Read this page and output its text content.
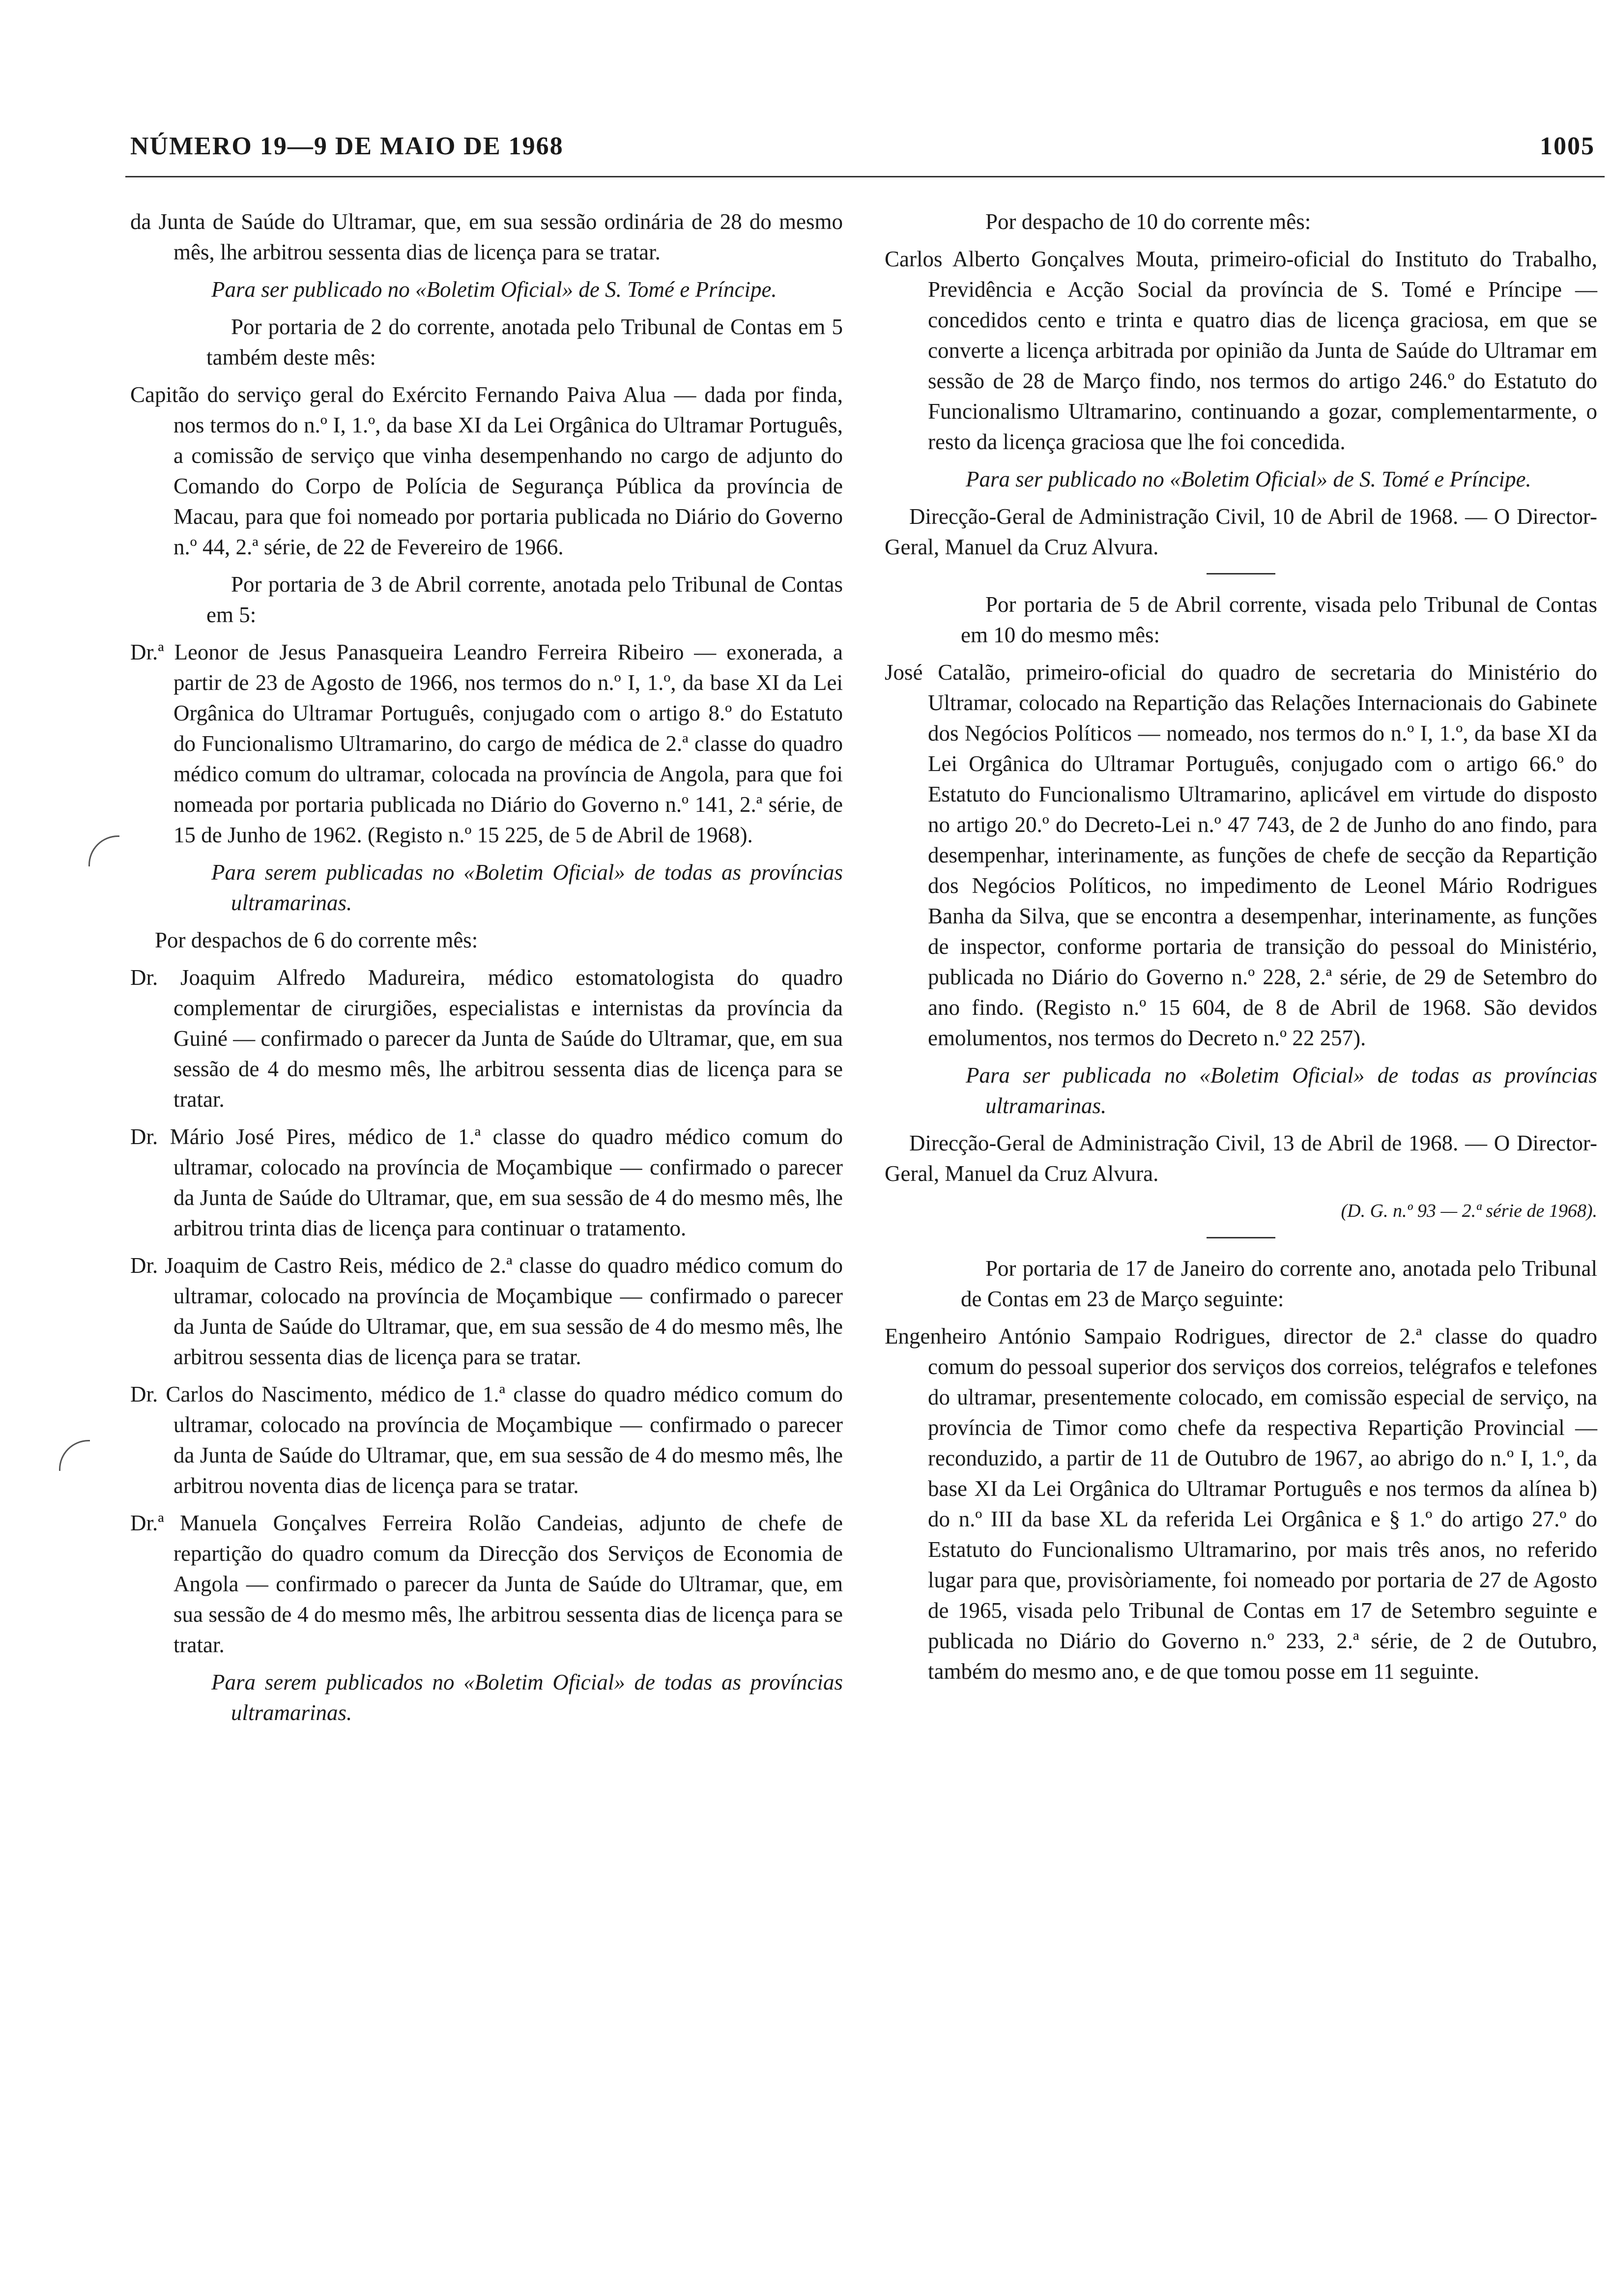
NÚMERO 19—9 DE MAIO DE 1968	1005

da Junta de Saúde do Ultramar, que, em sua sessão ordinária de 28 do mesmo mês, lhe arbitrou sessenta dias de licença para se tratar.

Para ser publicado no «Boletim Oficial» de S. Tomé e Príncipe.

Por portaria de 2 do corrente, anotada pelo Tribunal de Contas em 5 também deste mês:

Capitão do serviço geral do Exército Fernando Paiva Alua — dada por finda, nos termos do n.º I, 1.º, da base XI da Lei Orgânica do Ultramar Português, a comissão de serviço que vinha desempenhando no cargo de adjunto do Comando do Corpo de Polícia de Segurança Pública da província de Macau, para que foi nomeado por portaria publicada no Diário do Governo n.º 44, 2.ª série, de 22 de Fevereiro de 1966.

Por portaria de 3 de Abril corrente, anotada pelo Tribunal de Contas em 5:

Dr.ª Leonor de Jesus Panasqueira Leandro Ferreira Ribeiro — exonerada, a partir de 23 de Agosto de 1966, nos termos do n.º I, 1.º, da base XI da Lei Orgânica do Ultramar Português, conjugado com o artigo 8.º do Estatuto do Funcionalismo Ultramarino, do cargo de médica de 2.ª classe do quadro médico comum do ultramar, colocada na província de Angola, para que foi nomeada por portaria publicada no Diário do Governo n.º 141, 2.ª série, de 15 de Junho de 1962. (Registo n.º 15 225, de 5 de Abril de 1968).

Para serem publicadas no «Boletim Oficial» de todas as províncias ultramarinas.

Por despachos de 6 do corrente mês:

Dr. Joaquim Alfredo Madureira, médico estomatologista do quadro complementar de cirurgiões, especialistas e internistas da província da Guiné — confirmado o parecer da Junta de Saúde do Ultramar, que, em sua sessão de 4 do mesmo mês, lhe arbitrou sessenta dias de licença para se tratar.

Dr. Mário José Pires, médico de 1.ª classe do quadro médico comum do ultramar, colocado na província de Moçambique — confirmado o parecer da Junta de Saúde do Ultramar, que, em sua sessão de 4 do mesmo mês, lhe arbitrou trinta dias de licença para continuar o tratamento.

Dr. Joaquim de Castro Reis, médico de 2.ª classe do quadro médico comum do ultramar, colocado na província de Moçambique — confirmado o parecer da Junta de Saúde do Ultramar, que, em sua sessão de 4 do mesmo mês, lhe arbitrou sessenta dias de licença para se tratar.

Dr. Carlos do Nascimento, médico de 1.ª classe do quadro médico comum do ultramar, colocado na província de Moçambique — confirmado o parecer da Junta de Saúde do Ultramar, que, em sua sessão de 4 do mesmo mês, lhe arbitrou noventa dias de licença para se tratar.

Dr.ª Manuela Gonçalves Ferreira Rolão Candeias, adjunto de chefe de repartição do quadro comum da Direcção dos Serviços de Economia de Angola — confirmado o parecer da Junta de Saúde do Ultramar, que, em sua sessão de 4 do mesmo mês, lhe arbitrou sessenta dias de licença para se tratar.

Para serem publicados no «Boletim Oficial» de todas as províncias ultramarinas.

Por despacho de 10 do corrente mês:

Carlos Alberto Gonçalves Mouta, primeiro-oficial do Instituto do Trabalho, Previdência e Acção Social da província de S. Tomé e Príncipe — concedidos cento e trinta e quatro dias de licença graciosa, em que se converte a licença arbitrada por opinião da Junta de Saúde do Ultramar em sessão de 28 de Março findo, nos termos do artigo 246.º do Estatuto do Funcionalismo Ultramarino, continuando a gozar, complementarmente, o resto da licença graciosa que lhe foi concedida.

Para ser publicado no «Boletim Oficial» de S. Tomé e Príncipe.

Direcção-Geral de Administração Civil, 10 de Abril de 1968. — O Director-Geral, Manuel da Cruz Alvura.

Por portaria de 5 de Abril corrente, visada pelo Tribunal de Contas em 10 do mesmo mês:

José Catalão, primeiro-oficial do quadro de secretaria do Ministério do Ultramar, colocado na Repartição das Relações Internacionais do Gabinete dos Negócios Políticos — nomeado, nos termos do n.º I, 1.º, da base XI da Lei Orgânica do Ultramar Português, conjugado com o artigo 66.º do Estatuto do Funcionalismo Ultramarino, aplicável em virtude do disposto no artigo 20.º do Decreto-Lei n.º 47 743, de 2 de Junho do ano findo, para desempenhar, interinamente, as funções de chefe de secção da Repartição dos Negócios Políticos, no impedimento de Leonel Mário Rodrigues Banha da Silva, que se encontra a desempenhar, interinamente, as funções de inspector, conforme portaria de transição do pessoal do Ministério, publicada no Diário do Governo n.º 228, 2.ª série, de 29 de Setembro do ano findo. (Registo n.º 15 604, de 8 de Abril de 1968. São devidos emolumentos, nos termos do Decreto n.º 22 257).

Para ser publicada no «Boletim Oficial» de todas as províncias ultramarinas.

Direcção-Geral de Administração Civil, 13 de Abril de 1968. — O Director-Geral, Manuel da Cruz Alvura.

(D. G. n.º 93 — 2.ª série de 1968).

Por portaria de 17 de Janeiro do corrente ano, anotada pelo Tribunal de Contas em 23 de Março seguinte:

Engenheiro António Sampaio Rodrigues, director de 2.ª classe do quadro comum do pessoal superior dos serviços dos correios, telégrafos e telefones do ultramar, presentemente colocado, em comissão especial de serviço, na província de Timor como chefe da respectiva Repartição Provincial — reconduzido, a partir de 11 de Outubro de 1967, ao abrigo do n.º I, 1.º, da base XI da Lei Orgânica do Ultramar Português e nos termos da alínea b) do n.º III da base XL da referida Lei Orgânica e § 1.º do artigo 27.º do Estatuto do Funcionalismo Ultramarino, por mais três anos, no referido lugar para que, provisòriamente, foi nomeado por portaria de 27 de Agosto de 1965, visada pelo Tribunal de Contas em 17 de Setembro seguinte e publicada no Diário do Governo n.º 233, 2.ª série, de 2 de Outubro, também do mesmo ano, e de que tomou posse em 11 seguinte.
